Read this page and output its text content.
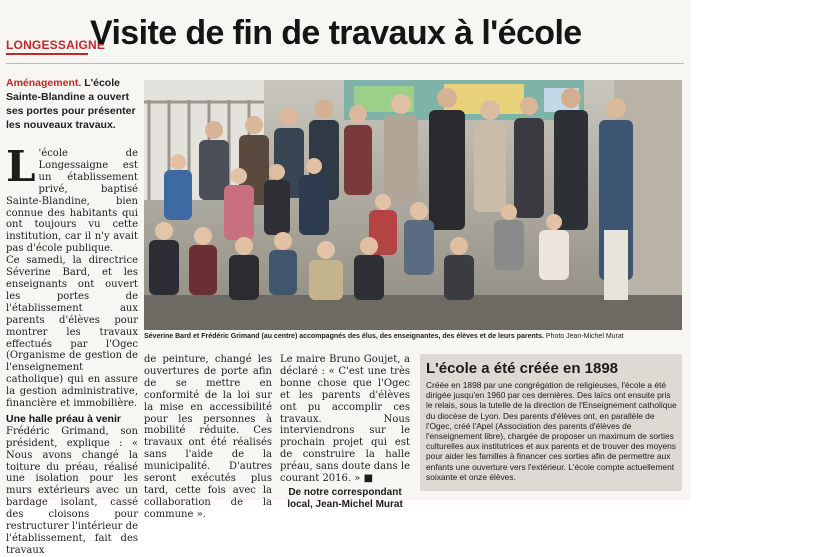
LONGESSAIGNE
Visite de fin de travaux à l'école
Aménagement. L'école Sainte-Blandine a ouvert ses portes pour présenter les nouveaux travaux.

L 'école de Longessaigne est un établissement privé, baptisé Sainte-Blandine, bien connue des habitants qui ont toujours vu cette institution, car il n'y avait pas d'école publique.

Ce samedi, la directrice Séverine Bard, et les enseignants ont ouvert les portes de l'établissement aux parents d'élèves pour montrer les travaux effectués par l'Ogec (Organisme de gestion de l'enseignement catholique) qui en assure la gestion administrative, financière et immobilière.

Une halle préau à venir

Frédéric Grimand, son président, explique : « Nous avons changé la toiture du préau, réalisé une isolation pour les murs extérieurs avec un bardage isolant, cassé des cloisons pour restructurer l'intérieur de l'établissement, fait des travaux

Séverine Bard et Frédéric Grimand (au centre) accompagnés des élus, des enseignantes, des élèves et de leurs parents. Photo Jean-Michel Murat

de peinture, changé les ouvertures de porte afin de se mettre en conformité de la loi sur la mise en accessibilité pour les personnes à mobilité réduite. Ces travaux ont été réalisés sans l'aide de la municipalité. D'autres seront exécutés plus tard, cette fois avec la collaboration de la commune ».

Le maire Bruno Goujet, a déclaré : « C'est une très bonne chose que l'Ogec et les parents d'élèves ont pu accomplir ces travaux. Nous interviendrons sur le prochain projet qui est de construire la halle préau, sans doute dans le courant 2016. » ■

De notre correspondant local, Jean-Michel Murat
L'école a été créée en 1898
Créée en 1898 par une congrégation de religieuses, l'école a été dirigée jusqu'en 1960 par ces dernières. Des laïcs ont ensuite pris le relais, sous la tutelle de la direction de l'Enseignement catholique du diocèse de Lyon. Des parents d'élèves ont, en parallèle de l'Ogec, créé l'Apel (Association des parents d'élèves de l'enseignement libre), chargée de proposer un maximum de sorties culturelles aux institutrices et aux parents et de trouver des moyens pour aider les familles à financer ces sorties afin de permettre aux enfants une ouverture vers l'extérieur. L'école compte actuellement soixante et onze élèves.
